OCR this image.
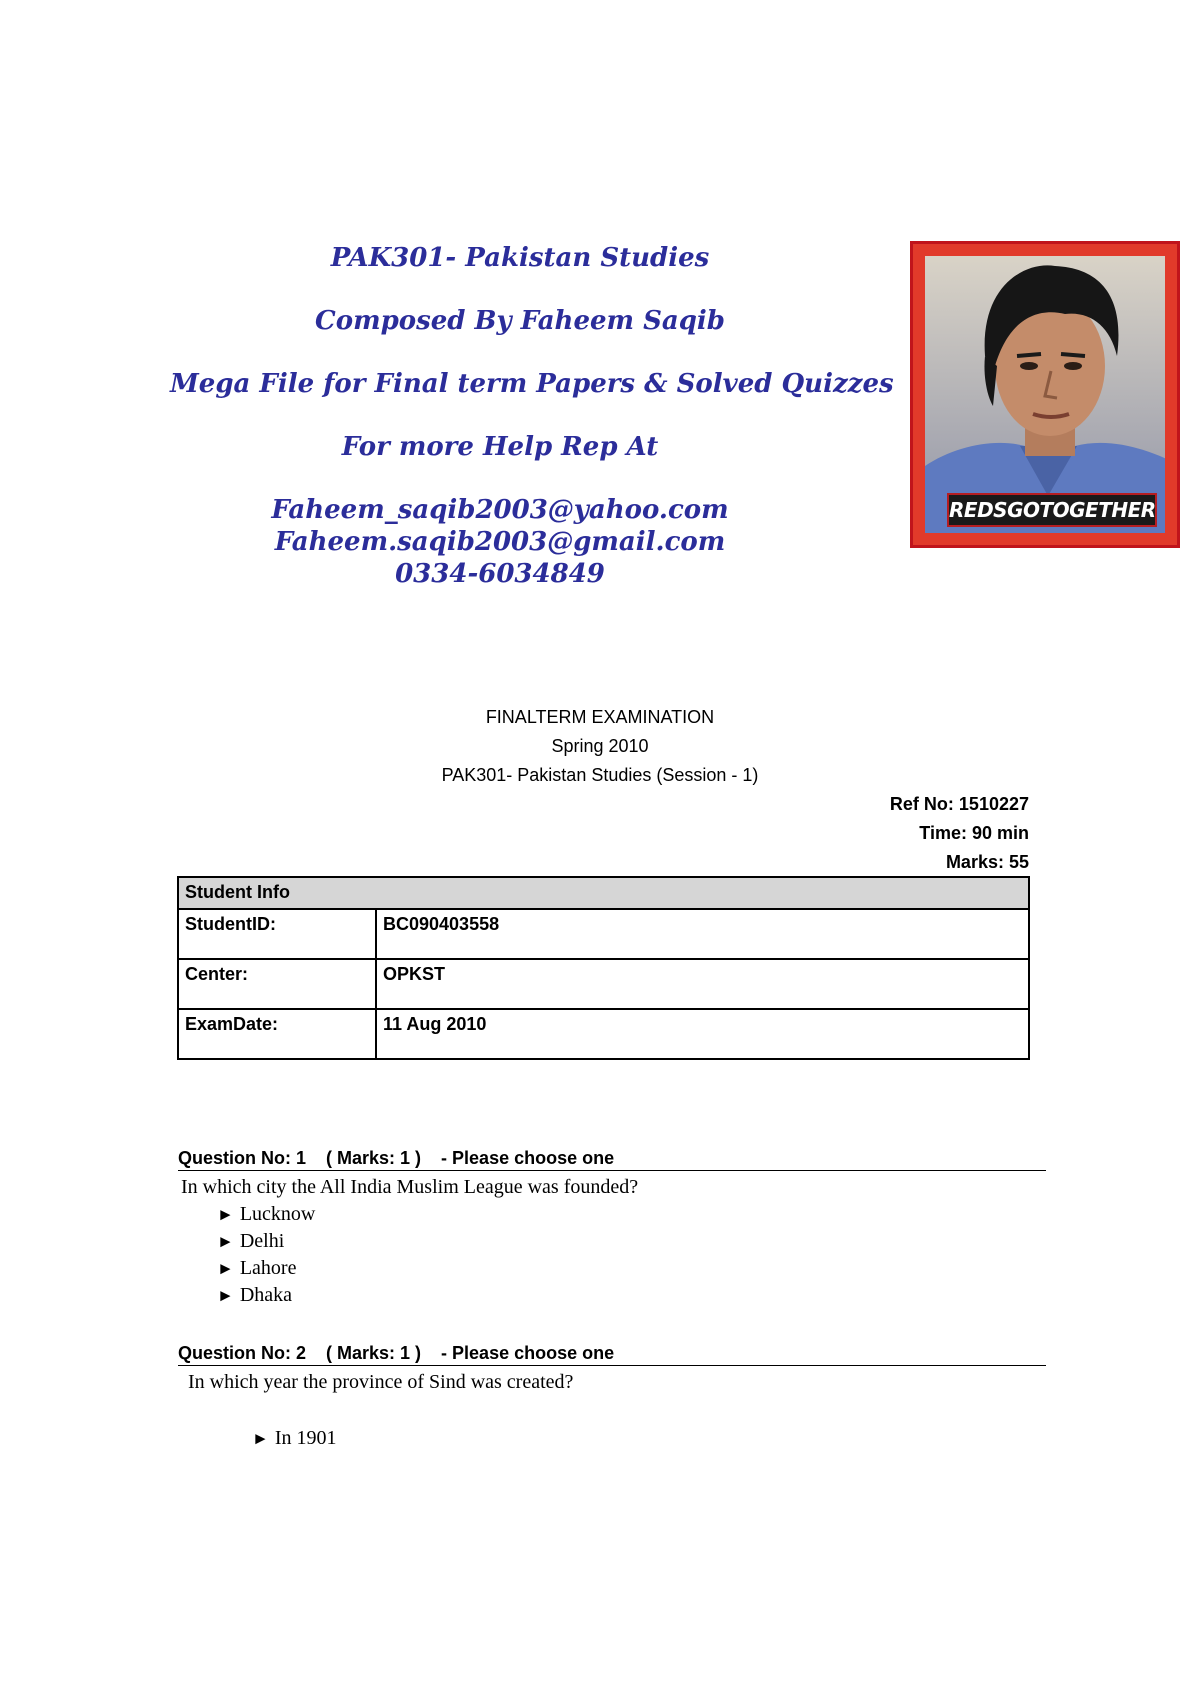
PAK301- Pakistan Studies
Composed By Faheem Saqib
Mega File for Final term Papers & Solved Quizzes
For more Help Rep At
Faheem_saqib2003@yahoo.com
Faheem.saqib2003@gmail.com
0334-6034849
REDSGOTOGETHER
FINALTERM EXAMINATION
Spring 2010
PAK301- Pakistan Studies (Session - 1)
Ref No: 1510227
Time: 90 min
Marks: 55
Student Info	
StudentID:	BC090403558
Center:	OPKST
ExamDate:	11 Aug 2010
Question No: 1    ( Marks: 1 )    - Please choose one
In which city the All India Muslim League was founded?
► Lucknow
► Delhi
► Lahore
► Dhaka
Question No: 2    ( Marks: 1 )    - Please choose one
In which year the province of Sind was created?
► In 1901
